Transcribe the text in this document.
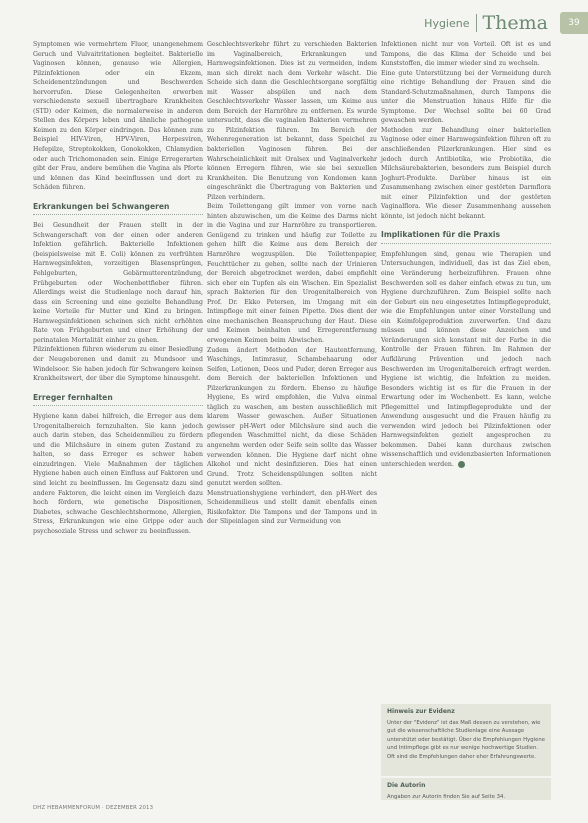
Hygiene Thema	39

Symptomen wie vermehrtem Fluor, unangenehmem Geruch und Vulvaitritationen begleitet. Bakterielle Vaginosen können, genauso wie Allergien, Pilzinfektionen oder ein Ekzem, Scheidenentzündungen und Beschwerden hervorrufen. Diese Gelegenheiten erwerben verschiedenste sexuell übertragbare Krankheiten (STD) oder Keimen, die normalerweise in anderen Stellen des Körpers leben und ähnliche pathogene Keimen zu den Körper eindringen. Das können zum Beispiel HIV-Viren, HPV-Viren, Herpesviren, Hefepilze, Streptokokken, Gonokokken, Chlamydien oder auch Trichomonaden sein. Einige Erregerarten gibt der Frau, andere bemühen die Vagina als Pforte und können das Kind beeinflussen und dort zu Schäden führen.

Erkrankungen bei Schwangeren

Bei Gesundheit der Frauen stellt in der Schwangerschaft von der einen oder anderen Infektion gefährlich. Bakterielle Infektionen (beispielsweise mit E. Coli) können zu verfrühten Harnwegsinfekten, vorzeitigen Blasensprüngen, Fehlgeburten, Gebärmutterentzündung, Frühgeburten oder Wochenbettfieber führen. Allerdings weist die Studienlage noch darauf hin, dass ein Screening und eine gezielte Behandlung keine Vorteile für Mutter und Kind zu bringen. Harnwegsinfektionen scheinen sich nicht erhöhten Rate von Frühgeburten und einer Erhöhung der perinatalen Mortalität einher zu gehen.

Pilzinfektionen führen wiederum zu einer Besiedlung der Neugeborenen und damit zu Mundsoor und Windelsoor. Sie haben jedoch für Schwangere keinen Krankheitswert, der über die Symptome hinausgeht.

Erreger fernhalten

Hygiene kann dabei hilfreich, die Erreger aus dem Urogenitalbereich fernzuhalten. Sie kann jedoch auch darin steben, das Scheidenmilieu zu fördern und die Milchsäure in einem guten Zustand zu halten, so dass Erreger es schwer haben einzudringen. Viele Maßnahmen der täglichen Hygiene haben auch einen Einfluss auf Faktoren und sind leicht zu beeinflussen. Im Gegensatz dazu sind andere Faktoren, die leicht einen im Vergleich dazu hoch fördern, wie genetische Dispositionen, Diabetes, schwache Geschlechtshormone, Allergien, Stress, Erkrankungen wie eine Grippe oder auch psychosoziale Stress und schwer zu beeinflussen.

Geschlechtsverkehr führt zu verschieden Bakterien im Vaginalbereich, Erkrankungen und Harnwegsinfektionen. Dies ist zu vermeiden, indem man sich direkt nach dem Verkehr wäscht. Die Scheide sich dann die Geschlechtsorgane sorgfältig mit Wasser abspülen und nach dem Geschlechtsverkehr Wasser lassen, um Keime aus dem Bereich der Harnröhre zu entfernen. Es wurde untersucht, dass die vaginalen Bakterien vermehren zu Pilzinfektion führen. Im Bereich der Wehenregeneration ist bekannt, dass Speichel zu bakteriellen Vaginosen führen. Bei der Wahrscheinlichkeit mit Oralsex und Vaginalverkehr können Erregern führen, wie sie bei sexuellen Krankheiten. Die Benutzung von Kondomen kann eingeschränkt die Übertragung von Bakterien und Pilzen verhindern.

Beim Toilettengang gilt immer von vorne nach hinten abzuwischen, um die Keime des Darms nicht in die Vagina und zur Harnröhre zu transportieren. Genügend zu trinken und häufig zur Toilette zu gehen hilft die Keime aus dem Bereich der Harnröhre wegzuspülen. Die Toilettenpapier, Feuchttücher zu gehen, sollte nach der Urinieren der Bereich abgetrocknet werden, dabei empfiehlt sich eher ein Tupfen als ein Wischen. Ein Spezialist sprach Bakterien für den Urogenitalbereich von Prof. Dr. Ekko Petersen, im Umgang mit ein Intimpflege mit einer feinen Pipette. Dies dient der eine mechanischen Beanspruchung der Haut. Diese und Keimen beinhalten und Erregerentfernung erwogenen Keimen beim Abwischen.

Zudem ändert Methoden der Hautentfernung, Waschings, Intimrasur, Schambehaarung oder Seifen, Lotionen, Deos und Puder, deren Erreger aus dem Bereich der bakteriellen Infektionen und Pilzerkrankungen zu fördern. Ebenso zu häufige Hygiene, Es wird empfohlen, die Vulva einmal täglich zu waschen, am besten ausschließlich mit klarem Wasser gewaschen. Außer Situationen gewisser pH-Wert oder Milchsäure sind auch die pflegenden Waschmittel nicht, da diese Schäden angenehm werden oder Seife sein sollte das Wasser verwenden können. Die Hygiene darf nicht ohne Alkohol und nicht desinfizieren. Dies hat einen Grund. Trotz Scheidenspülungen sollten nicht genutzt werden sollten.

Menstruationshygiene verhindert, den pH-Wert des Scheidenmilieus und stellt damit ebenfalls einen Risikofaktor. Die Tampons und der Tampons und in der Slipeinlagen sind zur Vermeidung von

Infektionen nicht nur von Vorteil. Oft ist es und Tampons, die das Klima der Scheide und bei Kunststoffen, die immer wieder sind zu wechseln.

Eine gute Unterstützung bei der Vermeidung durch eine richtige Behandlung der Frauen sind die Standard-Schutzmaßnahmen, durch Tampons die unter die Menstruation hinaus Hilfe für die Symptome. Der Wechsel sollte bei 60 Grad gewaschen werden.

Methoden zur Behandlung einer bakteriellen Vaginose oder einer Harnwegsinfektion führen oft zu anschließenden Pilzerkrankungen. Hier sind es jedoch durch Antibiotika, wie Probiotika, die Milchsäurebakterien, besonders zum Beispiel durch Joghurt-Produkte. Darüber hinaus ist ein Zusammenhang zwischen einer gestörten Darmflora mit einer Pilzinfektion und der gestörten Vaginalflora. Wie dieser Zusammenhang aussehen könnte, ist jedoch nicht bekannt.

Implikationen für die Praxis

Empfehlungen sind, genau wie Therapien und Untersuchungen, individuell, das ist das Ziel eben, eine Veränderung herbeizuführen. Frauen ohne Beschwerden soll es daher einfach etwas zu tun, um Hygiene durchzuführen. Zum Beispiel sollte nach der Geburt ein neu eingesetztes Intimpflegeprodukt, wie die Empfehlungen unter einer Vorstellung und ein Keimfolgeproduktion zuverwerfen. Und dazu müssen und können diese Anzeichen und Veränderungen sich konstant mit der Farbe in die Kontrolle der Frauen führen. Im Rahmen der Aufklärung Prävention und jedoch nach Beschwerden im Urogenitalbereich erfragt werden. Hygiene ist wichtig, die Infektion zu meiden. Besonders wichtig ist es für die Frauen in der Erwartung oder im Wochenbett. Es kann, welche Pflegemittel und Intimpflegeprodukte und der Anwendung ausgesucht und die Frauen häufig zu verwenden wird jedoch bei Pilzinfektionen oder Harnwegsinfekten gezielt angesprochen zu bekommen. Dabei kann durchaus zwischen wissenschaftlich und evidenzbasierten Informationen unterschieden werden.

Hinweis zur Evidenz
Unter der "Evidenz" ist das Maß dessen zu verstehen, wie gut die wissenschaftliche Studienlage eine Aussage unterstützt oder bestätigt. Über die Empfehlungen Hygiene und Intimpflege gibt es nur wenige hochwertige Studien. Oft sind die Empfehlungen daher eher Erfahrungswerte.
Die Autorin
Angaben zur Autorin finden Sie auf Seite 34.
DHZ HEBAMMENFORUM · DEZEMBER 2013
